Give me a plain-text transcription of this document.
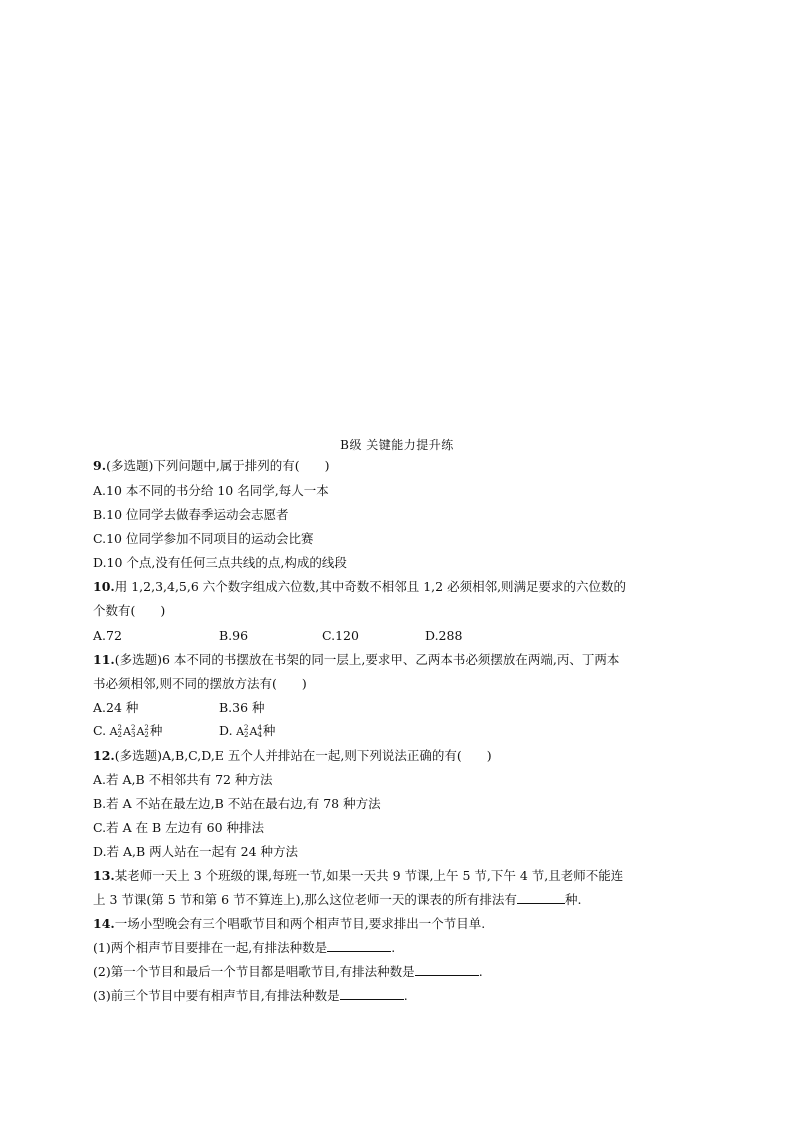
B级 关键能力提升练
9.(多选题)下列问题中,属于排列的有(　　)
A.10 本不同的书分给 10 名同学,每人一本
B.10 位同学去做春季运动会志愿者
C.10 位同学参加不同项目的运动会比赛
D.10 个点,没有任何三点共线的点,构成的线段
10.用 1,2,3,4,5,6 六个数字组成六位数,其中奇数不相邻且 1,2 必须相邻,则满足要求的六位数的
个数有(　　)
A.72	B.96	C.120	D.288
11.(多选题)6 本不同的书摆放在书架的同一层上,要求甲、乙两本书必须摆放在两端,丙、丁两本
书必须相邻,则不同的摆放方法有(　　)
A.24 种	B.36 种
C. A 2
2 A 2
3 A 2
2 种	D. A 2
2 A 4
4 种
12.(多选题)A,B,C,D,E 五个人并排站在一起,则下列说法正确的有(　　)
A.若 A,B 不相邻共有 72 种方法
B.若 A 不站在最左边,B 不站在最右边,有 78 种方法
C.若 A 在 B 左边有 60 种排法
D.若 A,B 两人站在一起有 24 种方法
13.某老师一天上 3 个班级的课,每班一节,如果一天共 9 节课,上午 5 节,下午 4 节,且老师不能连
上 3 节课(第 5 节和第 6 节不算连上),那么这位老师一天的课表的所有排法有	种.
14.一场小型晚会有三个唱歌节目和两个相声节目,要求排出一个节目单.
(1)两个相声节目要排在一起,有排法种数是	.
(2)第一个节目和最后一个节目都是唱歌节目,有排法种数是	.
(3)前三个节目中要有相声节目,有排法种数是	.
